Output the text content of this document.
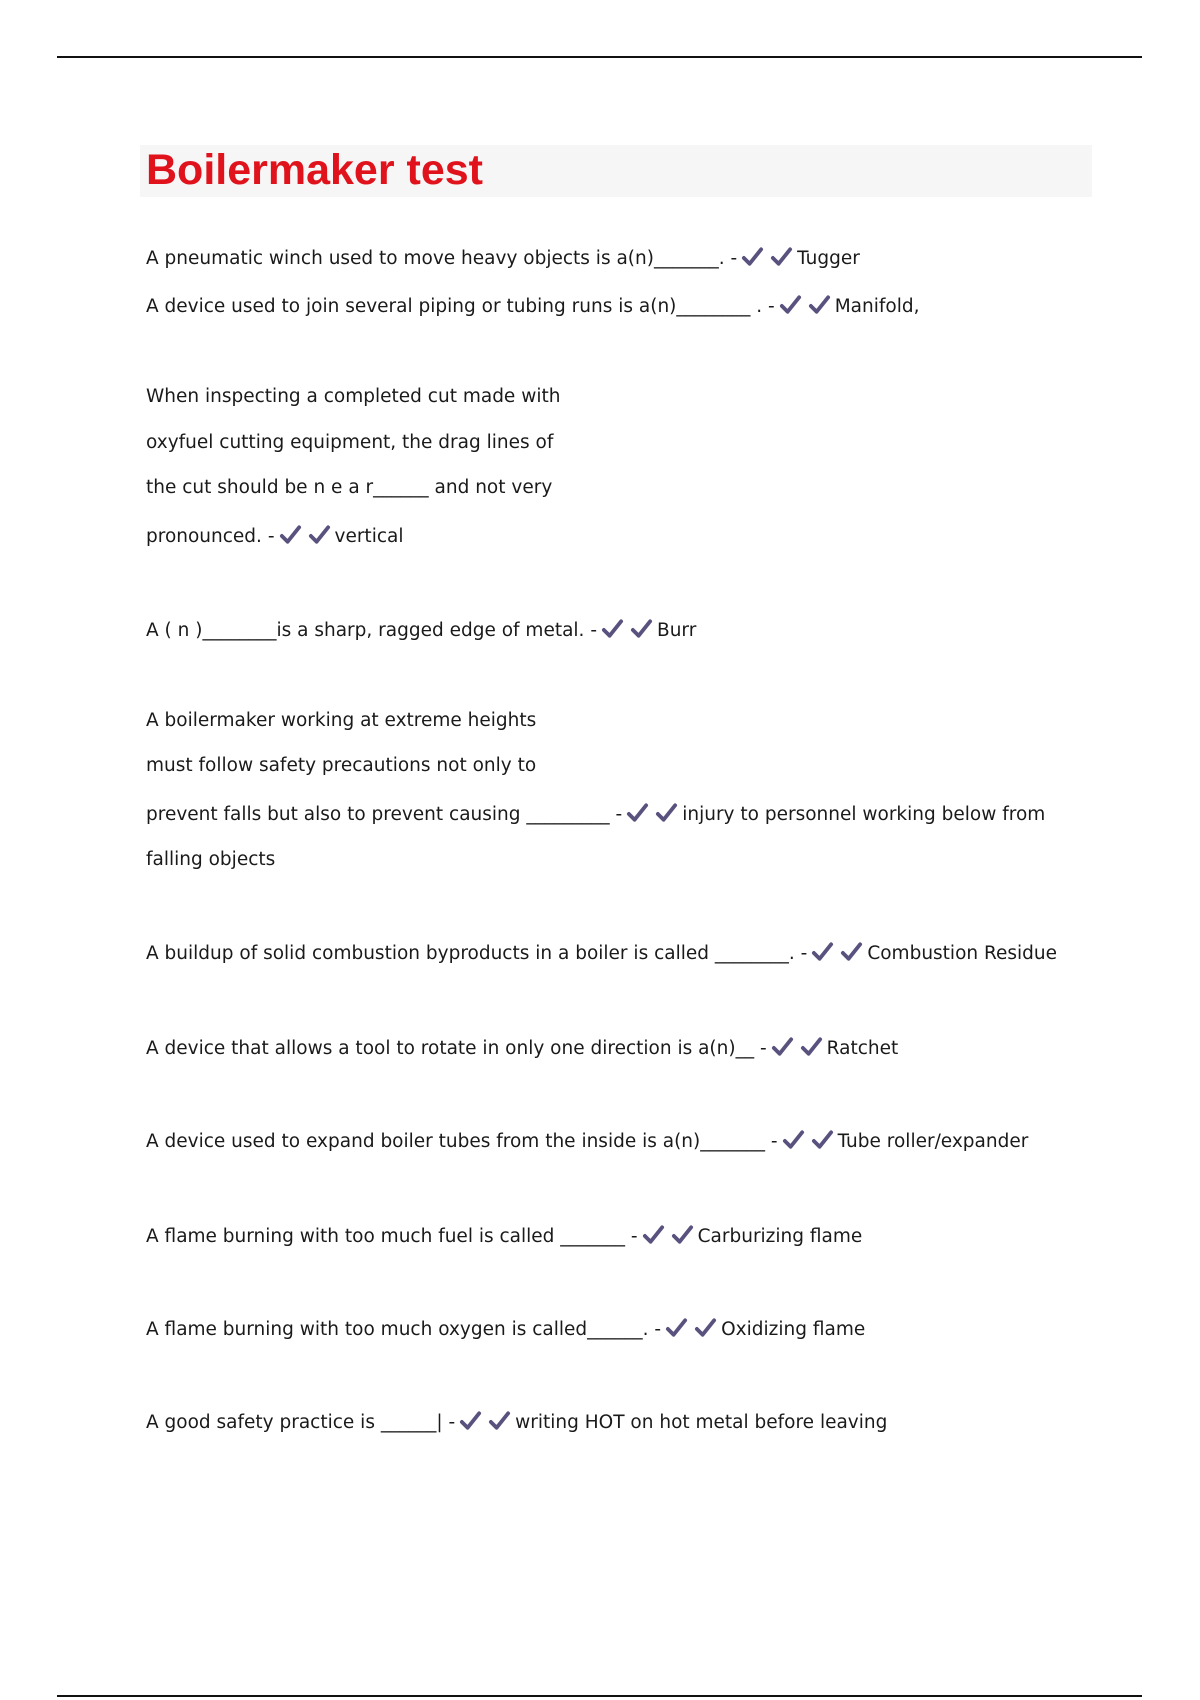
Boilermaker test

A pneumatic winch used to move heavy objects is a(n)_______. -	Tugger

A device used to join several piping or tubing runs is a(n)________ . -	Manifold,

When inspecting a completed cut made with

oxyfuel cutting equipment, the drag lines of

the cut should be n e a r______ and not very

pronounced. -	vertical

A ( n )________is a sharp, ragged edge of metal. -	Burr

A boilermaker working at extreme heights

must follow safety precautions not only to

prevent falls but also to prevent causing _________ -	injury to personnel working below from

falling objects

A buildup of solid combustion byproducts in a boiler is called ________. -	Combustion Residue

A device that allows a tool to rotate in only one direction is a(n)__ -	Ratchet

A device used to expand boiler tubes from the inside is a(n)_______ -	Tube roller/expander

A flame burning with too much fuel is called _______ -	Carburizing flame

A flame burning with too much oxygen is called______. -	Oxidizing flame

A good safety practice is ______| -	writing HOT on hot metal before leaving
